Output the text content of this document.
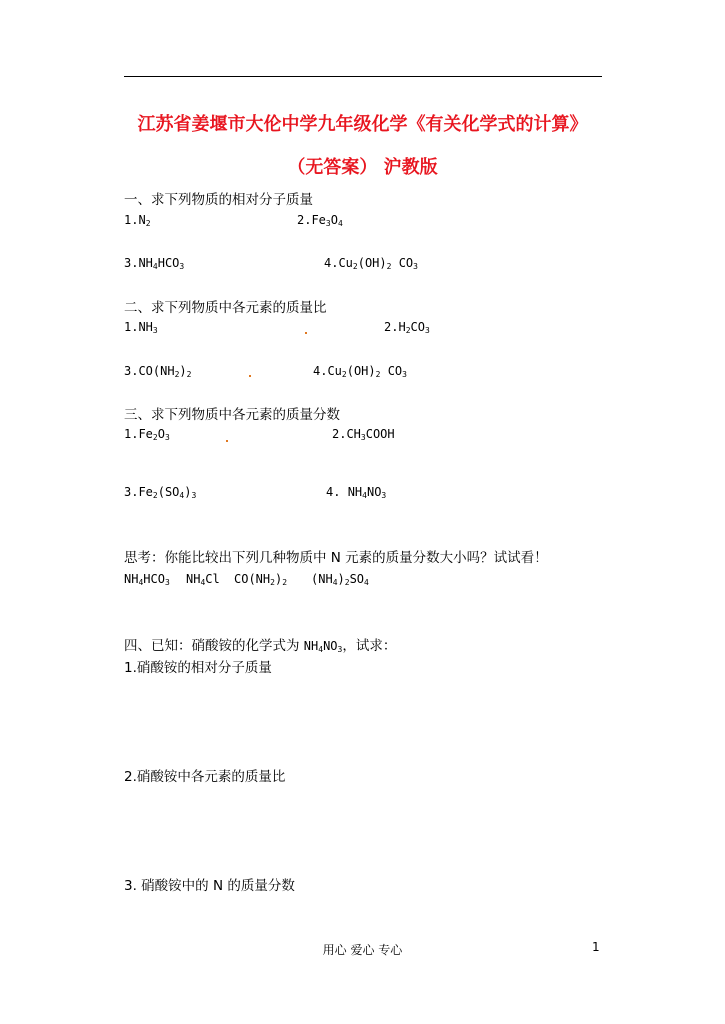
江苏省姜堰市大伦中学九年级化学《有关化学式的计算》
（无答案） 沪教版
一、求下列物质的相对分子质量
$1.N_2$	$2.Fe_3O_4$
$3.NH_4HCO_3$	$4.Cu_2(OH)_2$ $CO_3$
二、求下列物质中各元素的质量比
$1.NH_3$	$2.H_2CO_3$
$3.CO(NH_2)_2$	$4.Cu_2(OH)_2$ $CO_3$
三、求下列物质中各元素的质量分数
$1.Fe_2O_3$	$2.CH_3COOH$
$3.Fe_2(SO_4)_3$	4. $NH_4NO_3$
思考：你能比较出下列几种物质中 N 元素的质量分数大小吗？试试看！
$NH_4HCO_3$ $NH_4Cl$ $CO(NH_2)_2$ $(NH_4)_2SO_4$
四、已知：硝酸铵的化学式为 $NH_4NO_3$，试求：
1.硝酸铵的相对分子质量
2.硝酸铵中各元素的质量比
3. 硝酸铵中的 N 的质量分数
用心 爱心 专心	1
